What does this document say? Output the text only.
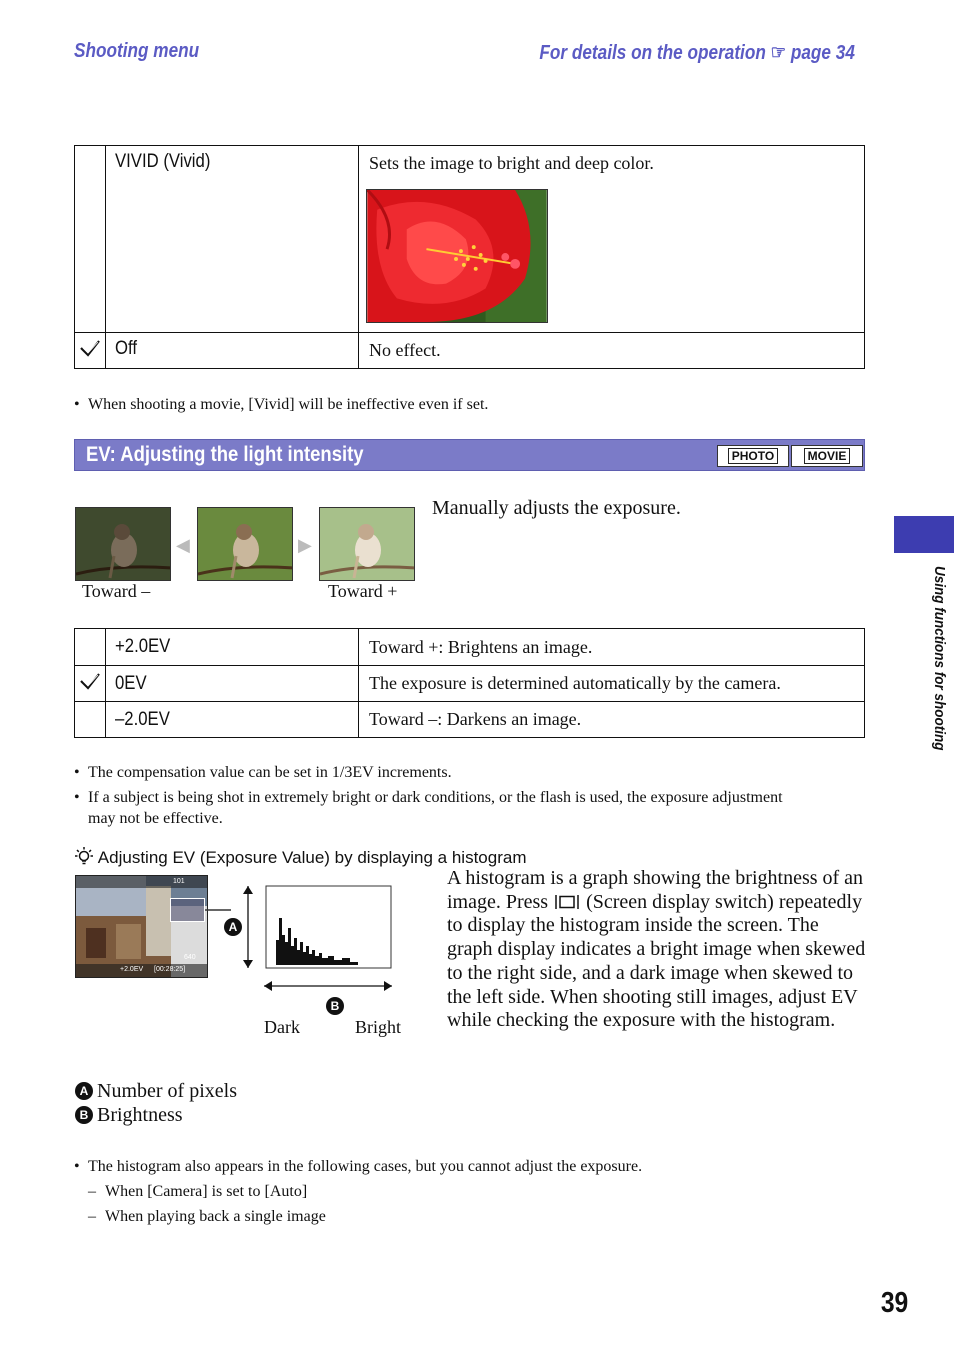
Shooting menu	For details on the operation ☞ page 34
	VIVID (Vivid)	Sets the image to bright and deep color.

	Off	No effect.
• When shooting a movie, [Vivid] will be ineffective even if set.
EV: Adjusting the light intensity	PHOTO	MOVIE
◀	▶
Toward –	Toward +
Manually adjusts the exposure.
	+2.0EV	Toward +: Brightens an image.
	0EV	The exposure is determined automatically by the camera.
	–2.0EV	Toward –: Darkens an image.
• The compensation value can be set in 1/3EV increments.
• If a subject is being shot in extremely bright or dark conditions, or the flash is used, the exposure adjustment may not be effective.
Adjusting EV (Exposure Value) by displaying a histogram
101
640
+2.0EV [00:28:25]
A
B
Dark	Bright
A histogram is a graph showing the brightness of an image. Press (Screen display switch) repeatedly to display the histogram inside the screen. The graph display indicates a bright image when skewed to the right side, and a dark image when skewed to the left side. When shooting still images, adjust EV while checking the exposure with the histogram.
A Number of pixels
B Brightness
• The histogram also appears in the following cases, but you cannot adjust the exposure.
– When [Camera] is set to [Auto]
– When playing back a single image
Using functions for shooting
39
